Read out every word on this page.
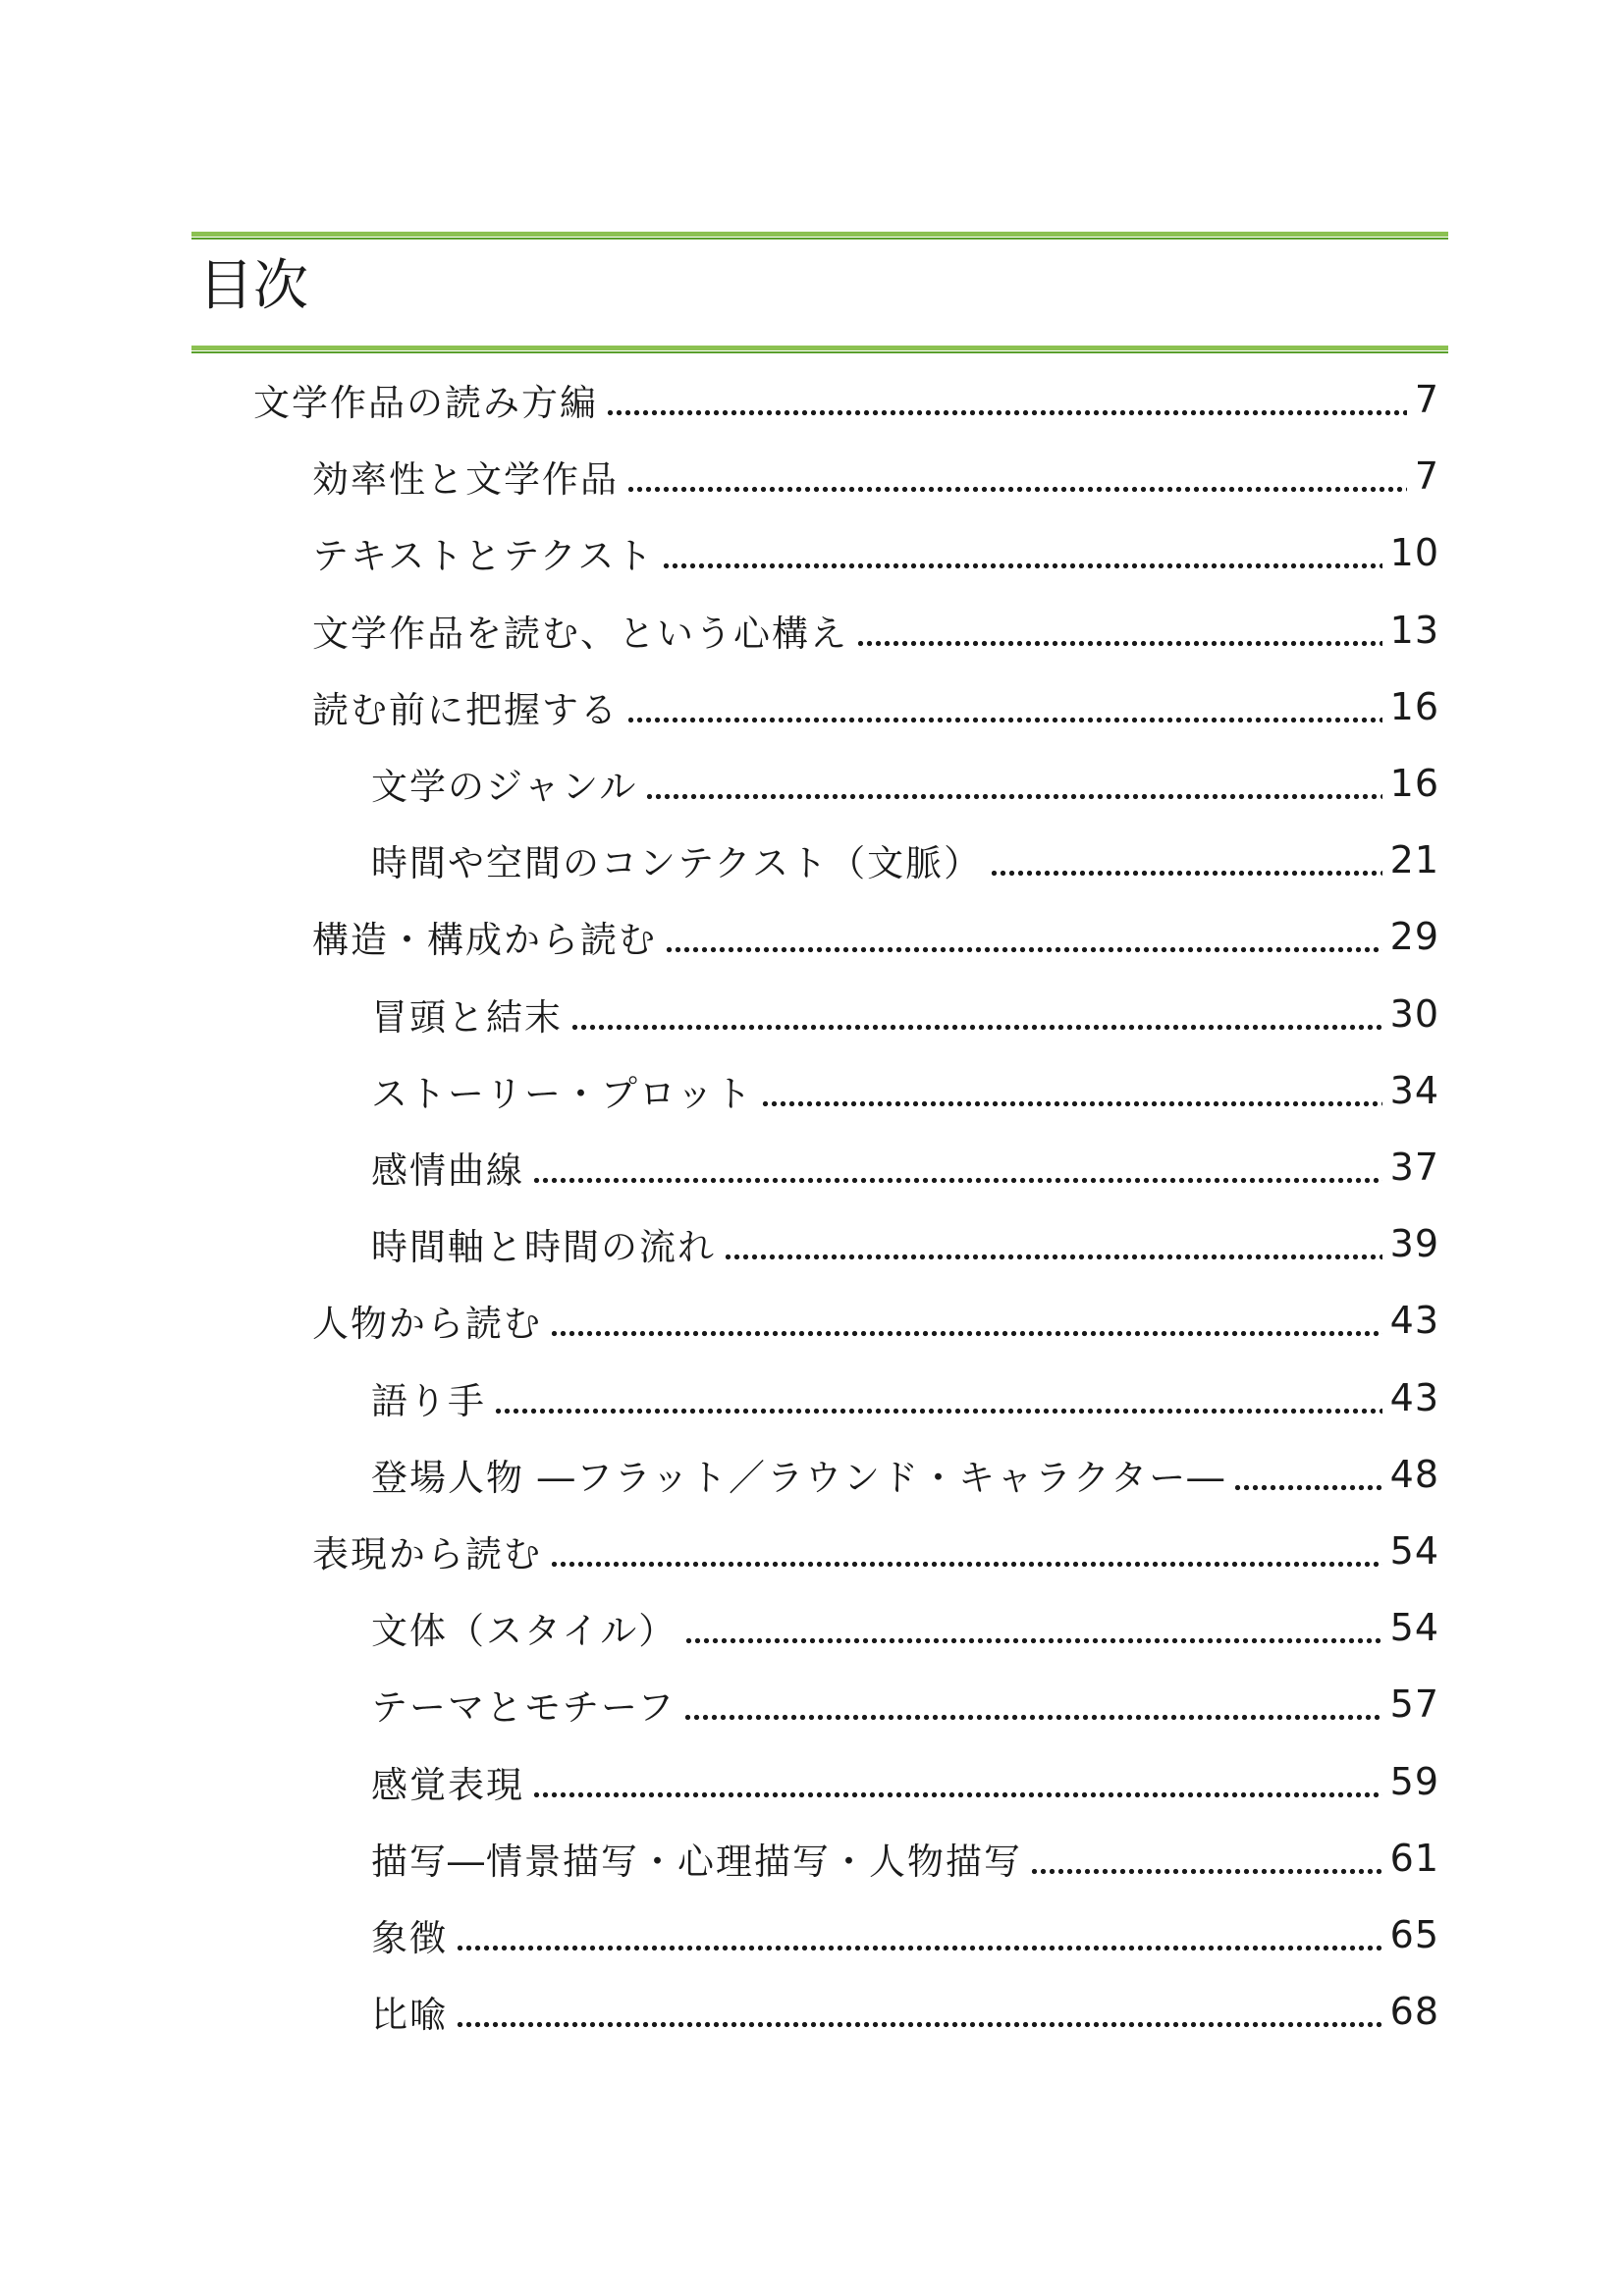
目次
文学作品の読み方編	7
効率性と文学作品	7
テキストとテクスト	10
文学作品を読む、という心構え	13
読む前に把握する	16
文学のジャンル	16
時間や空間のコンテクスト（文脈）	21
構造・構成から読む	29
冒頭と結末	30
ストーリー・プロット	34
感情曲線	37
時間軸と時間の流れ	39
人物から読む	43
語り手	43
登場人物 ―フラット／ラウンド・キャラクター―	48
表現から読む	54
文体（スタイル）	54
テーマとモチーフ	57
感覚表現	59
描写―情景描写・心理描写・人物描写	61
象徴	65
比喩	68
